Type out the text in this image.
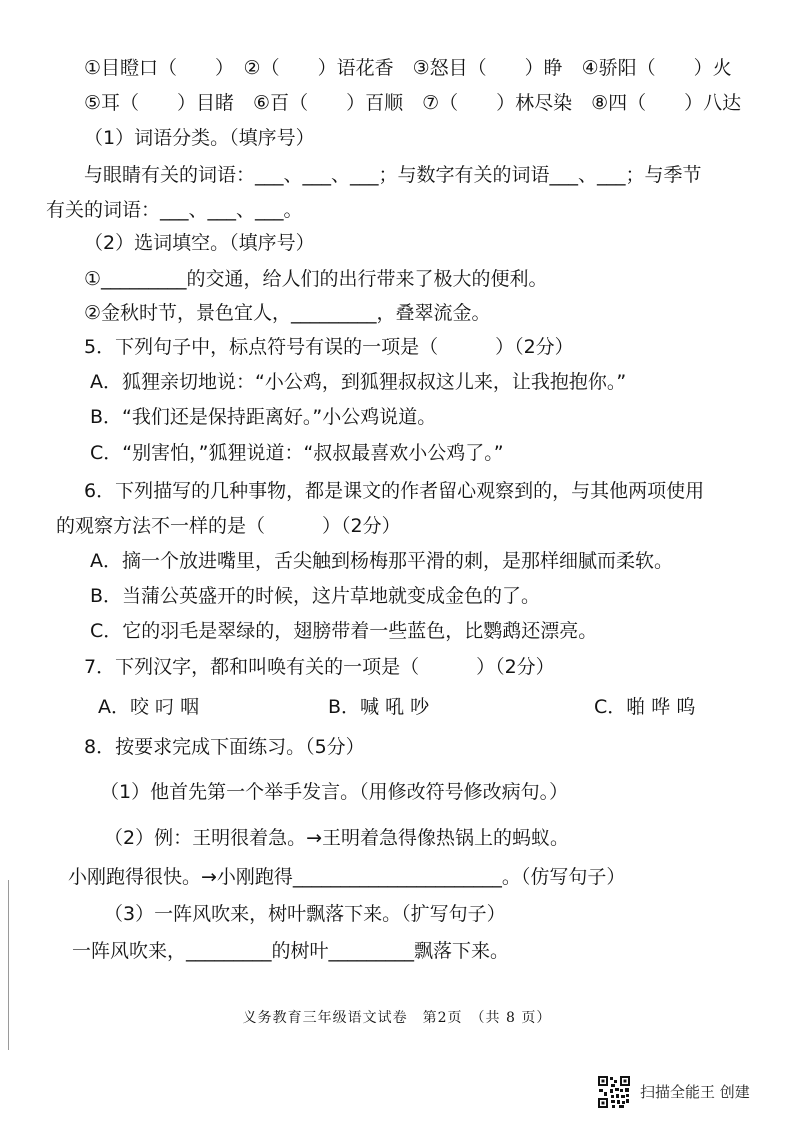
①目瞪口（　　）　②（　　）语花香　③怒目（　　）睁　④骄阳（　　）火
⑤耳（　　）目睹　⑥百（　　）百顺　⑦（　　）林尽染　⑧四（　　）八达
（1）词语分类。（填序号）
与眼睛有关的词语：___、___、___；与数字有关的词语___、___；与季节
有关的词语：___、___、___。
（2）选词填空。（填序号）
①_________的交通，给人们的出行带来了极大的便利。
②金秋时节，景色宜人，_________，叠翠流金。
5．下列句子中，标点符号有误的一项是（　　　）（2分）
A．狐狸亲切地说：“小公鸡，到狐狸叔叔这儿来，让我抱抱你。”
B．“我们还是保持距离好。”小公鸡说道。
C．“别害怕，”狐狸说道：“叔叔最喜欢小公鸡了。”
6．下列描写的几种事物，都是课文的作者留心观察到的，与其他两项使用
的观察方法不一样的是（　　　）（2分）
A．摘一个放进嘴里，舌尖触到杨梅那平滑的刺，是那样细腻而柔软。
B．当蒲公英盛开的时候，这片草地就变成金色的了。
C．它的羽毛是翠绿的，翅膀带着一些蓝色，比鹦鹉还漂亮。
7．下列汉字，都和叫唤有关的一项是（　　　）（2分）
A．咬 叼 咽	B．喊 吼 吵	C．啪 哗 呜
8．按要求完成下面练习。（5分）
（1）他首先第一个举手发言。（用修改符号修改病句。）
（2）例：王明很着急。→王明着急得像热锅上的蚂蚁。
小刚跑得很快。→小刚跑得______________________。（仿写句子）
（3）一阵风吹来，树叶飘落下来。（扩写句子）
一阵风吹来，_________的树叶_________飘落下来。
义务教育三年级语文试卷　第2页　（共 8 页）
扫描全能王 创建
